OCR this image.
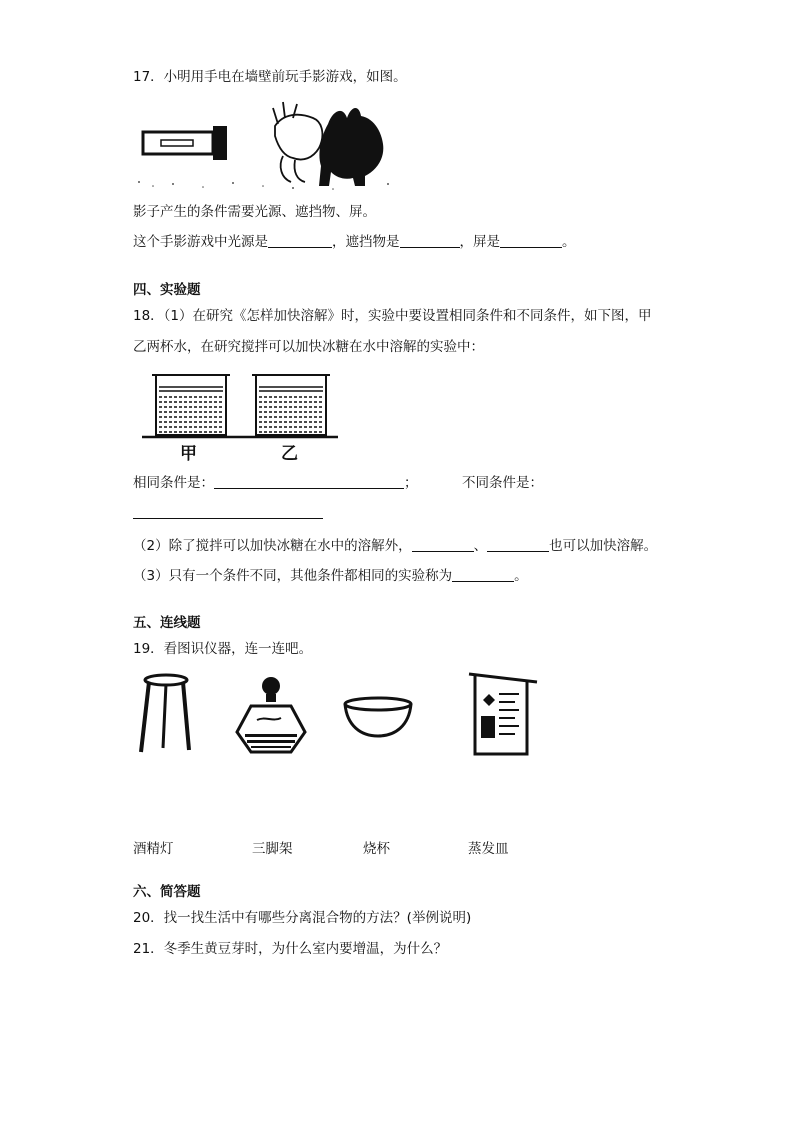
17．小明用手电在墙壁前玩手影游戏，如图。
影子产生的条件需要光源、遮挡物、屏。
这个手影游戏中光源是	，遮挡物是	，屏是	。
四、实验题
18．（1）在研究《怎样加快溶解》时，实验中要设置相同条件和不同条件，如下图，甲
乙两杯水，在研究搅拌可以加快冰糖在水中溶解的实验中：
甲	乙
相同条件是：	；	不同条件是：
（2）除了搅拌可以加快冰糖在水中的溶解外，	、	也可以加快溶解。
（3）只有一个条件不同，其他条件都相同的实验称为	。
五、连线题
19．看图识仪器，连一连吧。
酒精灯	三脚架	烧杯	蒸发皿
六、简答题
20．找一找生活中有哪些分离混合物的方法？(举例说明)
21．冬季生黄豆芽时，为什么室内要增温，为什么？
